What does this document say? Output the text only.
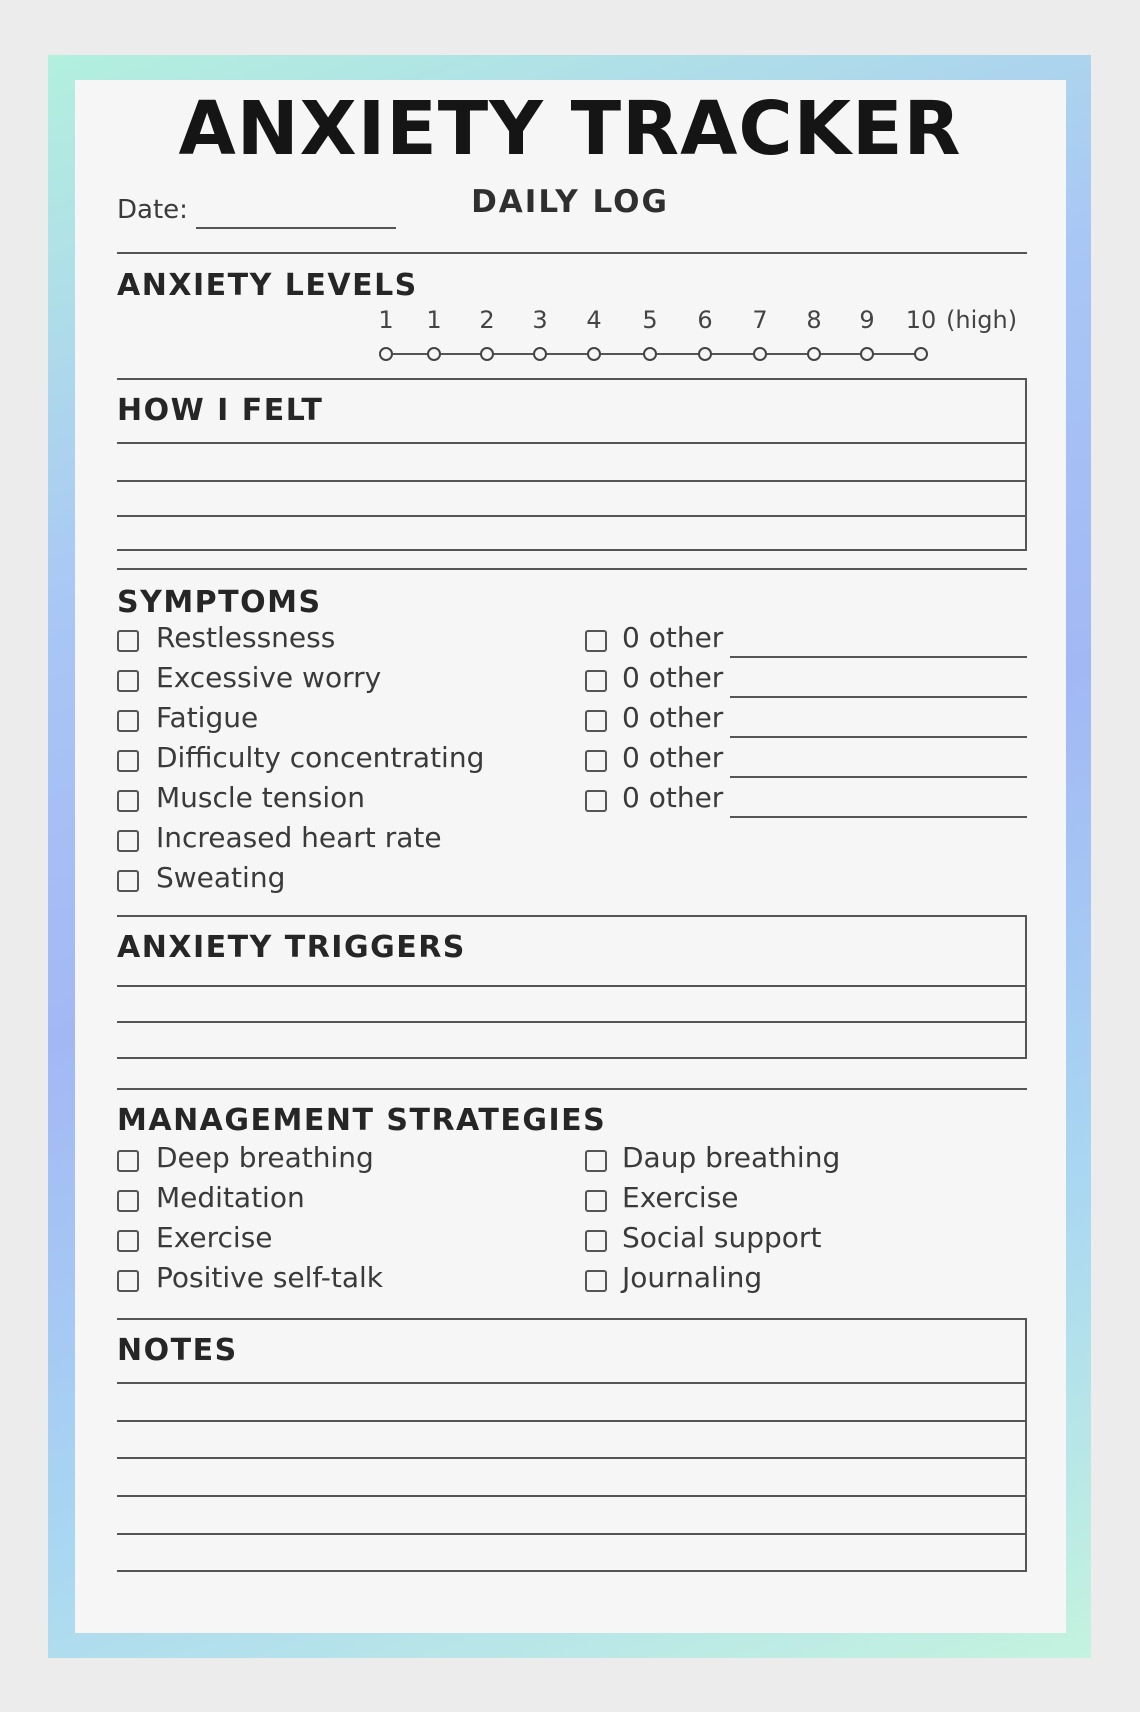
ANXIETY TRACKER
DAILY LOG
Date:
ANXIETY LEVELS
(high)
1	1	2	3	4	5	6	7	8	9	10
HOW I FELT
SYMPTOMS
Restlessness
Excessive worry
Fatigue
Difficulty concentrating
Muscle tension
Increased heart rate
Sweating
0 other
0 other
0 other
0 other
0 other
ANXIETY TRIGGERS
MANAGEMENT STRATEGIES
Deep breathing
Meditation
Exercise
Positive self-talk
Daup breathing
Exercise
Social support
Journaling
NOTES
